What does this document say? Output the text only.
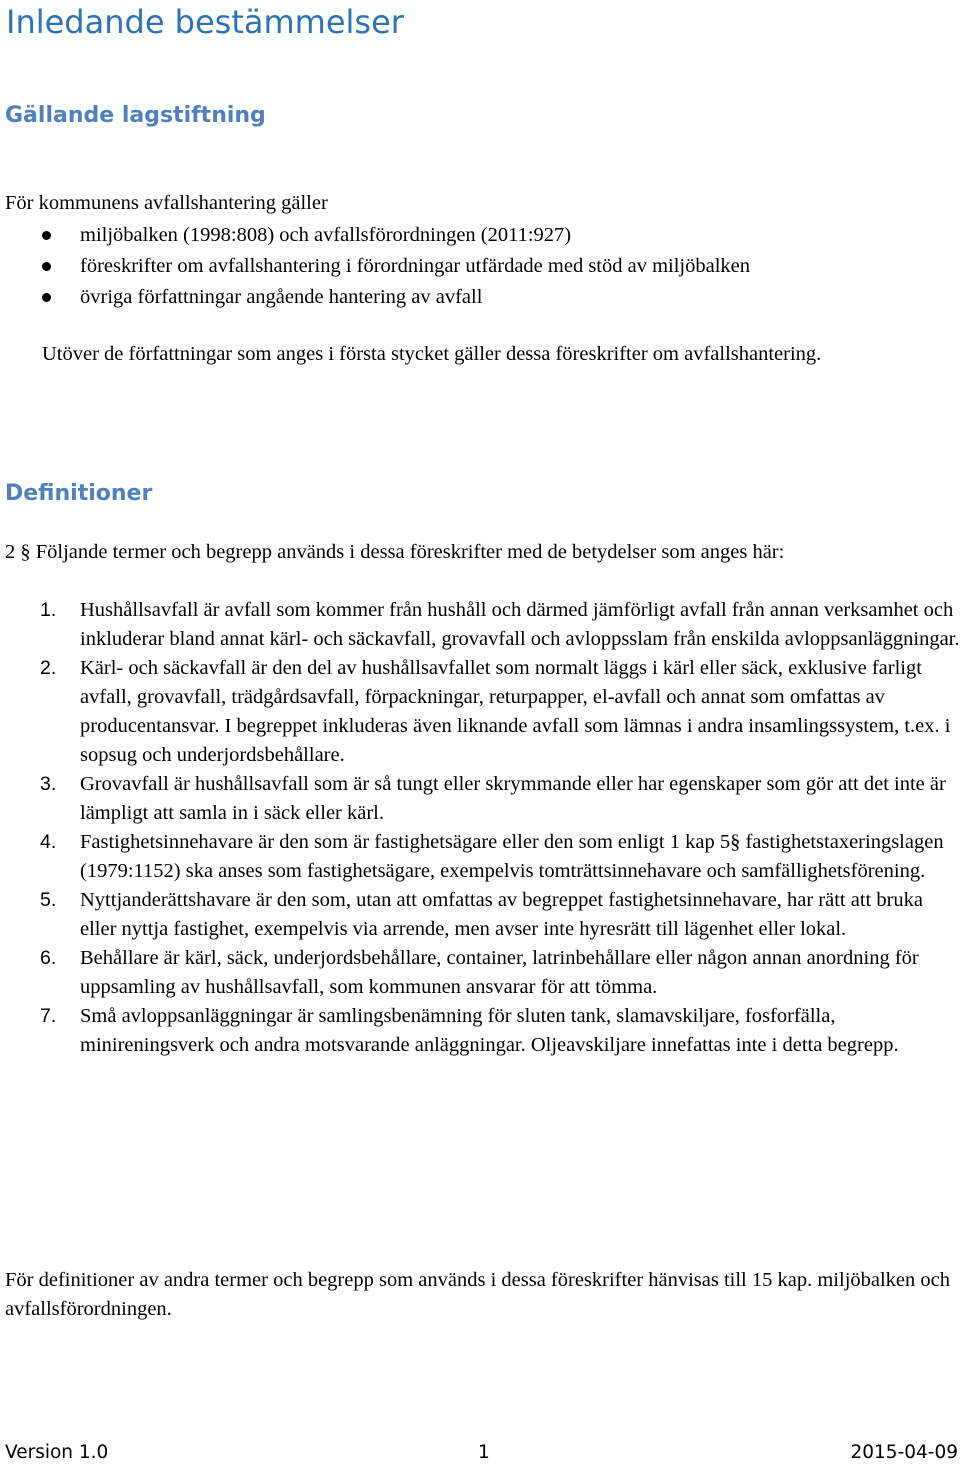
Inledande bestämmelser
Gällande lagstiftning

För kommunens avfallshantering gäller

miljöbalken (1998:808) och avfallsförordningen (2011:927)
föreskrifter om avfallshantering i förordningar utfärdade med stöd av miljöbalken
övriga författningar angående hantering av avfall

Utöver de författningar som anges i första stycket gäller dessa föreskrifter om avfallshantering.

Definitioner

2 § Följande termer och begrepp används i dessa föreskrifter med de betydelser som anges här:

1. Hushållsavfall är avfall som kommer från hushåll och därmed jämförligt avfall från annan verksamhet och inkluderar bland annat kärl- och säckavfall, grovavfall och avloppsslam från enskilda avloppsanläggningar.
2. Kärl- och säckavfall är den del av hushållsavfallet som normalt läggs i kärl eller säck, exklusive farligt avfall, grovavfall, trädgårdsavfall, förpackningar, returpapper, el-avfall och annat som omfattas av producentansvar. I begreppet inkluderas även liknande avfall som lämnas i andra insamlingssystem, t.ex. i sopsug och underjordsbehållare.
3. Grovavfall är hushållsavfall som är så tungt eller skrymmande eller har egenskaper som gör att det inte är lämpligt att samla in i säck eller kärl.
4. Fastighetsinnehavare är den som är fastighetsägare eller den som enligt 1 kap 5§ fastighetstaxeringslagen (1979:1152) ska anses som fastighetsägare, exempelvis tomträttsinnehavare och samfällighetsförening.
5. Nyttjanderättshavare är den som, utan att omfattas av begreppet fastighetsinnehavare, har rätt att bruka eller nyttja fastighet, exempelvis via arrende, men avser inte hyresrätt till lägenhet eller lokal.
6. Behållare är kärl, säck, underjordsbehållare, container, latrinbehållare eller någon annan anordning för uppsamling av hushållsavfall, som kommunen ansvarar för att tömma.
7. Små avloppsanläggningar är samlingsbenämning för sluten tank, slamavskiljare, fosforfälla, minireningsverk och andra motsvarande anläggningar. Oljeavskiljare innefattas inte i detta begrepp.

För definitioner av andra termer och begrepp som används i dessa föreskrifter hänvisas till 15 kap. miljöbalken och avfallsförordningen.

Version 1.0	1	2015-04-09
